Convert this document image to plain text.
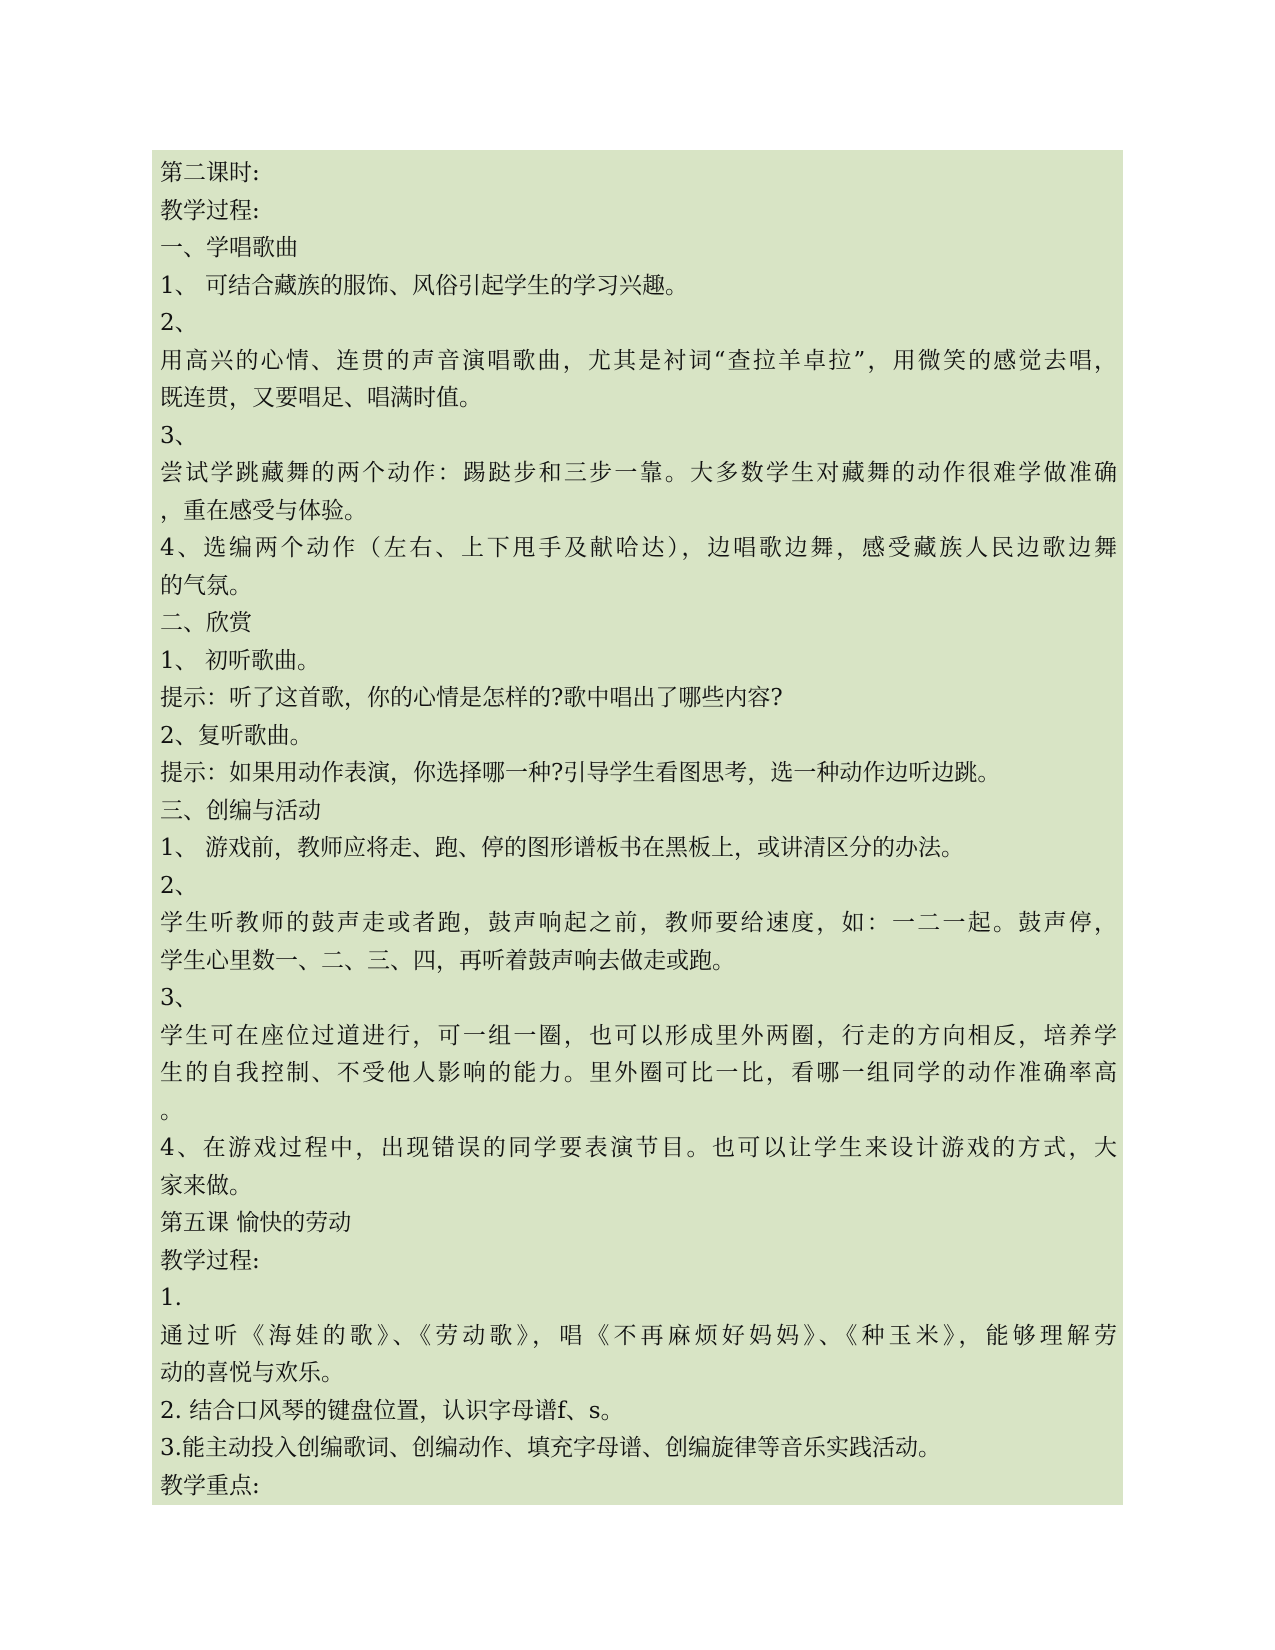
第二课时:
教学过程:
一、学唱歌曲
1、 可结合藏族的服饰、风俗引起学生的学习兴趣。
2、
用高兴的心情、连贯的声音演唱歌曲，尤其是衬词“查拉羊卓拉”，用微笑的感觉去唱，
既连贯，又要唱足、唱满时值。
3、
尝试学跳藏舞的两个动作：踢跶步和三步一靠。大多数学生对藏舞的动作很难学做准确
，重在感受与体验。
4、选编两个动作（左右、上下甩手及献哈达），边唱歌边舞，感受藏族人民边歌边舞
的气氛。
二、欣赏
1、 初听歌曲。
提示：听了这首歌，你的心情是怎样的?歌中唱出了哪些内容?
2、复听歌曲。
提示：如果用动作表演，你选择哪一种?引导学生看图思考，选一种动作边听边跳。
三、创编与活动
1、 游戏前，教师应将走、跑、停的图形谱板书在黑板上，或讲清区分的办法。
2、
学生听教师的鼓声走或者跑，鼓声响起之前，教师要给速度，如：一二一起。鼓声停，
学生心里数一、二、三、四，再听着鼓声响去做走或跑。
3、
学生可在座位过道进行，可一组一圈，也可以形成里外两圈，行走的方向相反，培养学
生的自我控制、不受他人影响的能力。里外圈可比一比，看哪一组同学的动作准确率高
。
4、在游戏过程中，出现错误的同学要表演节目。也可以让学生来设计游戏的方式，大
家来做。
第五课 愉快的劳动
教学过程:
1.
通过听《海娃的歌》、《劳动歌》，唱《不再麻烦好妈妈》、《种玉米》，能够理解劳
动的喜悦与欢乐。
2. 结合口风琴的键盘位置，认识字母谱f、s。
3.能主动投入创编歌词、创编动作、填充字母谱、创编旋律等音乐实践活动。
教学重点:
